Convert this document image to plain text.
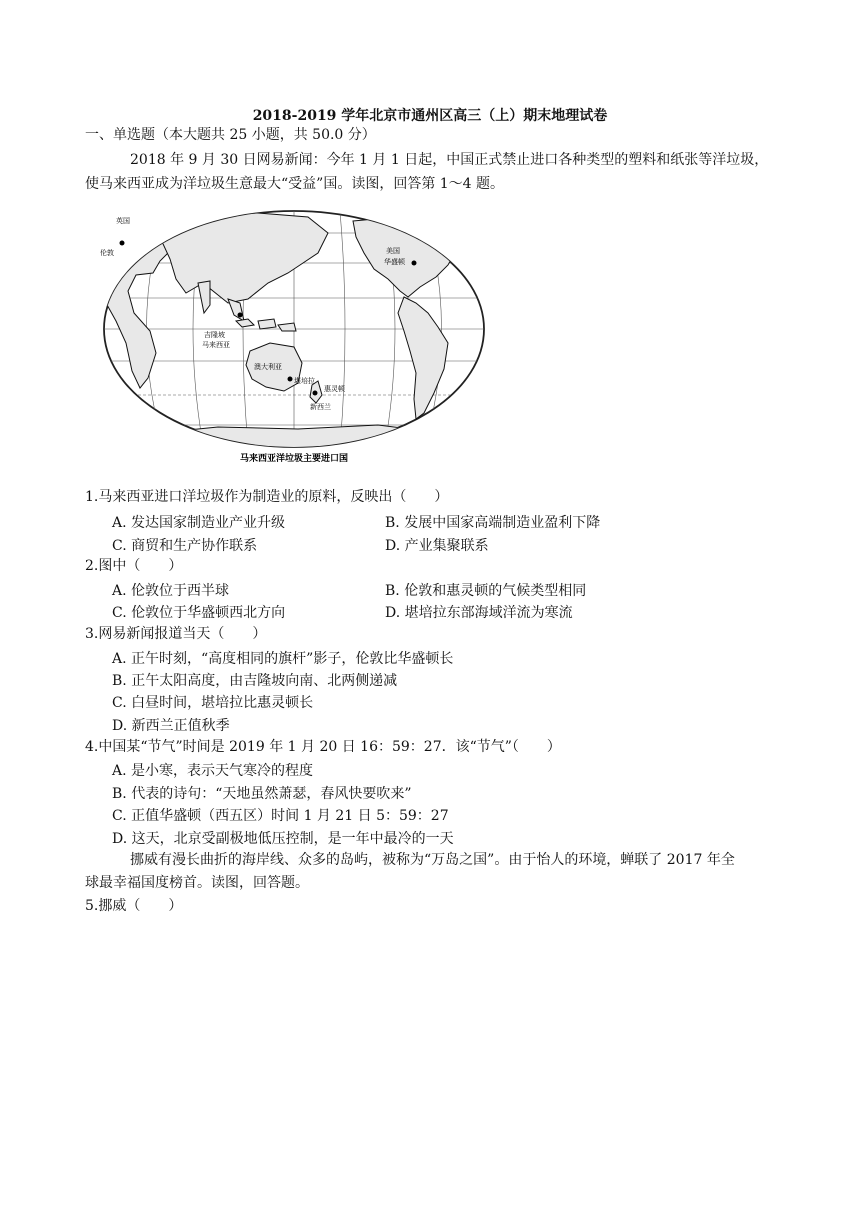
2018-2019 学年北京市通州区高三（上）期末地理试卷
一、单选题（本大题共 25 小题，共 50.0 分）
2018 年 9 月 30 日网易新闻：今年 1 月 1 日起，中国正式禁止进口各种类型的塑料和纸张等洋垃圾，
使马来西亚成为洋垃圾生意最大“受益”国。读图，回答第 1～4 题。
英国
伦敦	美国
华盛顿
吉隆坡
马来西亚
澳大利亚
堪培拉
惠灵顿
新西兰
马来西亚洋垃圾主要进口国
1.马来西亚进口洋垃圾作为制造业的原料，反映出（　　）
A. 发达国家制造业产业升级	B. 发展中国家高端制造业盈利下降
C. 商贸和生产协作联系	D. 产业集聚联系
2.图中（　　）
A. 伦敦位于西半球	B. 伦敦和惠灵顿的气候类型相同
C. 伦敦位于华盛顿西北方向	D. 堪培拉东部海域洋流为寒流
3.网易新闻报道当天（　　）
A. 正午时刻，“高度相同的旗杆”影子，伦敦比华盛顿长
B. 正午太阳高度，由吉隆坡向南、北两侧递减
C. 白昼时间，堪培拉比惠灵顿长
D. 新西兰正值秋季
4.中国某“节气”时间是 2019 年 1 月 20 日 16：59：27．该“节气”（　　）
A. 是小寒，表示天气寒冷的程度
B. 代表的诗句：“天地虽然萧瑟，春风快要吹来”
C. 正值华盛顿（西五区）时间 1 月 21 日 5：59：27
D. 这天，北京受副极地低压控制，是一年中最冷的一天
挪威有漫长曲折的海岸线、众多的岛屿，被称为“万岛之国”。由于怡人的环境，蝉联了 2017 年全
球最幸福国度榜首。读图，回答题。
5.挪威（　　）
